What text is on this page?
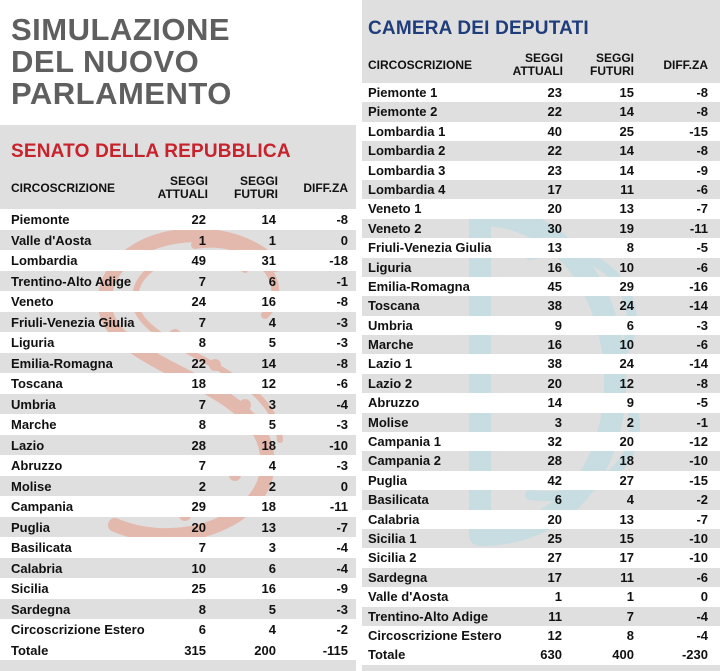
SIMULAZIONE
DEL NUOVO
PARLAMENTO
SENATO DELLA REPUBBLICA
CAMERA DEI DEPUTATI
CIRCOSCRIZIONE	SEGGI
ATTUALI
SEGGI
FUTURI	DIFF.ZA
CIRCOSCRIZIONE	SEGGI
ATTUALI
SEGGI
FUTURI	DIFF.ZA
Piemonte	22	14	-8
Valle d'Aosta	1	1	0
Lombardia	49	31	-18
Trentino-Alto Adige	7	6	-1
Veneto	24	16	-8
Friuli-Venezia Giulia	7	4	-3
Liguria	8	5	-3
Emilia-Romagna	22	14	-8
Toscana	18	12	-6
Umbria	7	3	-4
Marche	8	5	-3
Lazio	28	18	-10
Abruzzo	7	4	-3
Molise	2	2	0
Campania	29	18	-11
Puglia	20	13	-7
Basilicata	7	3	-4
Calabria	10	6	-4
Sicilia	25	16	-9
Sardegna	8	5	-3
Circoscrizione Estero	6	4	-2
Totale	315	200	-115
Piemonte 1	23	15	-8
Piemonte 2	22	14	-8
Lombardia 1	40	25	-15
Lombardia 2	22	14	-8
Lombardia 3	23	14	-9
Lombardia 4	17	11	-6
Veneto 1	20	13	-7
Veneto 2	30	19	-11
Friuli-Venezia Giulia	13	8	-5
Liguria	16	10	-6
Emilia-Romagna	45	29	-16
Toscana	38	24	-14
Umbria	9	6	-3
Marche	16	10	-6
Lazio 1	38	24	-14
Lazio 2	20	12	-8
Abruzzo	14	9	-5
Molise	3	2	-1
Campania 1	32	20	-12
Campania 2	28	18	-10
Puglia	42	27	-15
Basilicata	6	4	-2
Calabria	20	13	-7
Sicilia 1	25	15	-10
Sicilia 2	27	17	-10
Sardegna	17	11	-6
Valle d'Aosta	1	1	0
Trentino-Alto Adige	11	7	-4
Circoscrizione Estero	12	8	-4
Totale	630	400	-230
